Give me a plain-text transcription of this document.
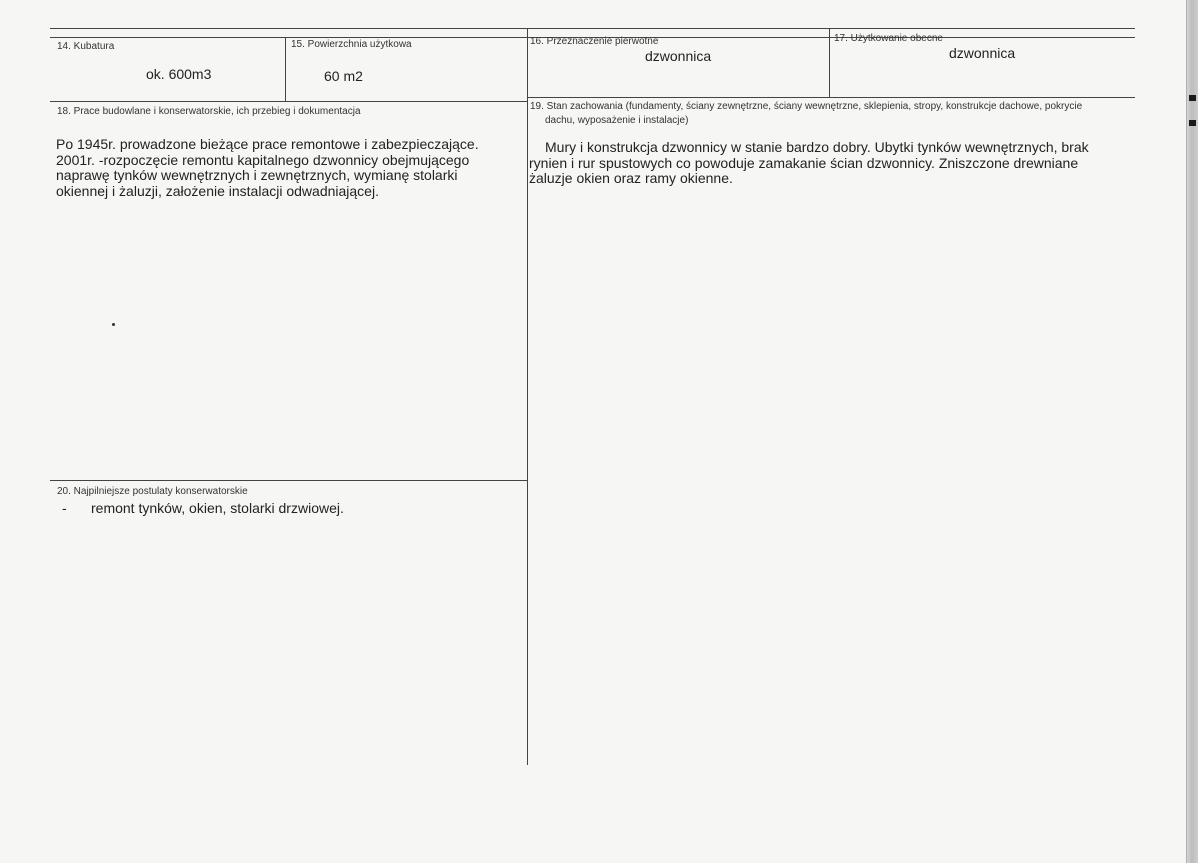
14. Kubatura
ok. 600m3
15. Powierzchnia użytkowa
60 m2
16. Przeznaczenie pierwotne
dzwonnica
17. Użytkowanie obecne
dzwonnica
18. Prace budowlane i konserwatorskie, ich przebieg i dokumentacja
Po 1945r. prowadzone bieżące prace remontowe i zabezpieczające.
2001r. -rozpoczęcie remontu kapitalnego dzwonnicy obejmującego
naprawę tynków wewnętrznych i zewnętrznych, wymianę stolarki
okiennej i żaluzji, założenie instalacji odwadniającej.
19. Stan zachowania (fundamenty, ściany zewnętrzne, ściany wewnętrzne, sklepienia, stropy, konstrukcje dachowe, pokrycie
dachu, wyposażenie i instalacje)
Mury i konstrukcja dzwonnicy w stanie bardzo dobry. Ubytki tynków wewnętrznych, brak
rynien i rur spustowych co powoduje zamakanie ścian dzwonnicy. Zniszczone drewniane
żaluzje okien oraz ramy okienne.
20. Najpilniejsze postulaty konserwatorskie
- remont tynków, okien, stolarki drzwiowej.
